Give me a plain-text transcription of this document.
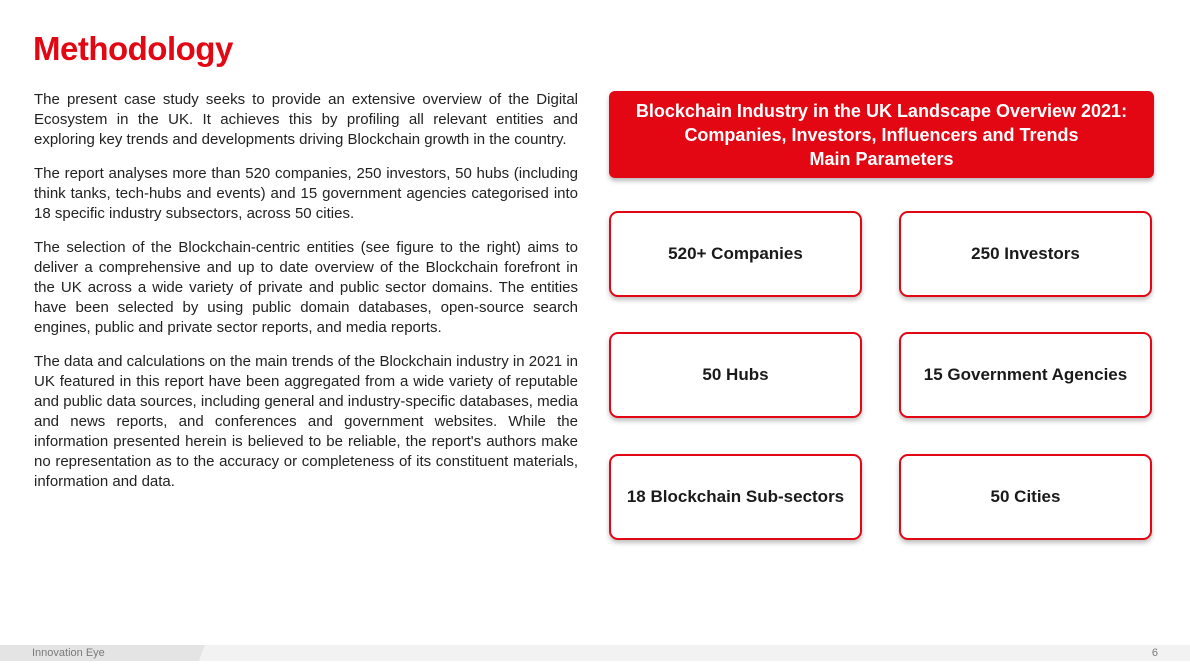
Methodology

The present case study seeks to provide an extensive overview of the Digital Ecosystem in the UK. It achieves this by profiling all relevant entities and exploring key trends and developments driving Blockchain growth in the country.

The report analyses more than 520 companies, 250 investors, 50 hubs (including think tanks, tech-hubs and events) and 15 government agencies categorised into 18 specific industry subsectors, across 50 cities.

The selection of the Blockchain-centric entities (see figure to the right) aims to deliver a comprehensive and up to date overview of the Blockchain forefront in the UK across a wide variety of private and public sector domains. The entities have been selected by using public domain databases, open-source search engines, public and private sector reports, and media reports.

The data and calculations on the main trends of the Blockchain industry in 2021 in UK featured in this report have been aggregated from a wide variety of reputable and public data sources, including general and industry-specific databases, media and news reports, and conferences and government websites. While the information presented herein is believed to be reliable, the report's authors make no representation as to the accuracy or completeness of its constituent materials, information and data.

Blockchain Industry in the UK Landscape Overview 2021:
Companies, Investors, Influencers and Trends
Main Parameters
520+ Companies	250 Investors
50 Hubs	15 Government Agencies
18 Blockchain Sub-sectors	50 Cities
Innovation Eye	6
